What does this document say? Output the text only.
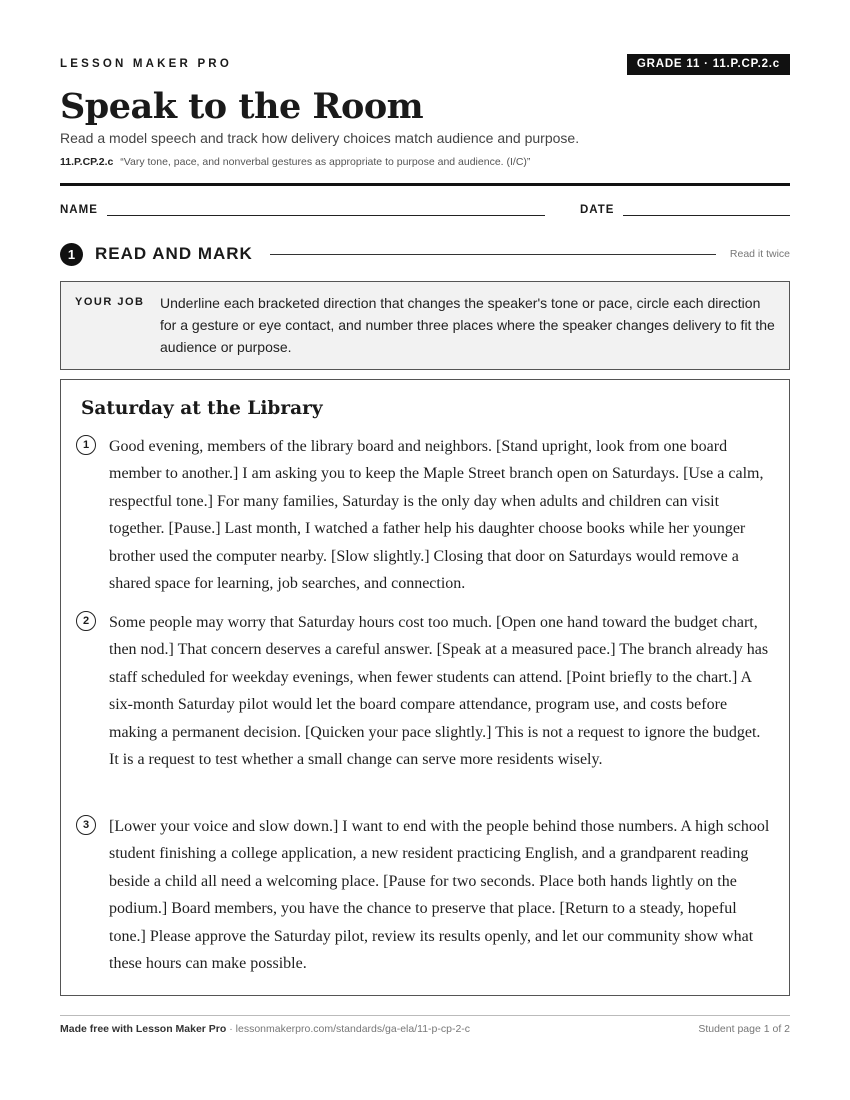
LESSON MAKER PRO	GRADE 11 · 11.P.CP.2.c
Speak to the Room
Read a model speech and track how delivery choices match audience and purpose.
11.P.CP.2.c “Vary tone, pace, and nonverbal gestures as appropriate to purpose and audience. (I/C)”
NAME	DATE
1	READ AND MARK	Read it twice
YOUR JOB Underline each bracketed direction that changes the speaker's tone or pace, circle each direction for a gesture or eye contact, and number three places where the speaker changes delivery to fit the audience or purpose.
Saturday at the Library
1	Good evening, members of the library board and neighbors. [Stand upright, look from one board member to another.] I am asking you to keep the Maple Street branch open on Saturdays. [Use a calm, respectful tone.] For many families, Saturday is the only day when adults and children can visit together. [Pause.] Last month, I watched a father help his daughter choose books while her younger brother used the computer nearby. [Slow slightly.] Closing that door on Saturdays would remove a shared space for learning, job searches, and connection.
2	Some people may worry that Saturday hours cost too much. [Open one hand toward the budget chart, then nod.] That concern deserves a careful answer. [Speak at a measured pace.] The branch already has staff scheduled for weekday evenings, when fewer students can attend. [Point briefly to the chart.] A six-month Saturday pilot would let the board compare attendance, program use, and costs before making a permanent decision. [Quicken your pace slightly.] This is not a request to ignore the budget. It is a request to test whether a small change can serve more residents wisely.
3	[Lower your voice and slow down.] I want to end with the people behind those numbers. A high school student finishing a college application, a new resident practicing English, and a grandparent reading beside a child all need a welcoming place. [Pause for two seconds. Place both hands lightly on the podium.] Board members, you have the chance to preserve that place. [Return to a steady, hopeful tone.] Please approve the Saturday pilot, review its results openly, and let our community show what these hours can make possible.
Made free with Lesson Maker Pro · lessonmakerpro.com/standards/ga-ela/11-p-cp-2-c	Student page 1 of 2
